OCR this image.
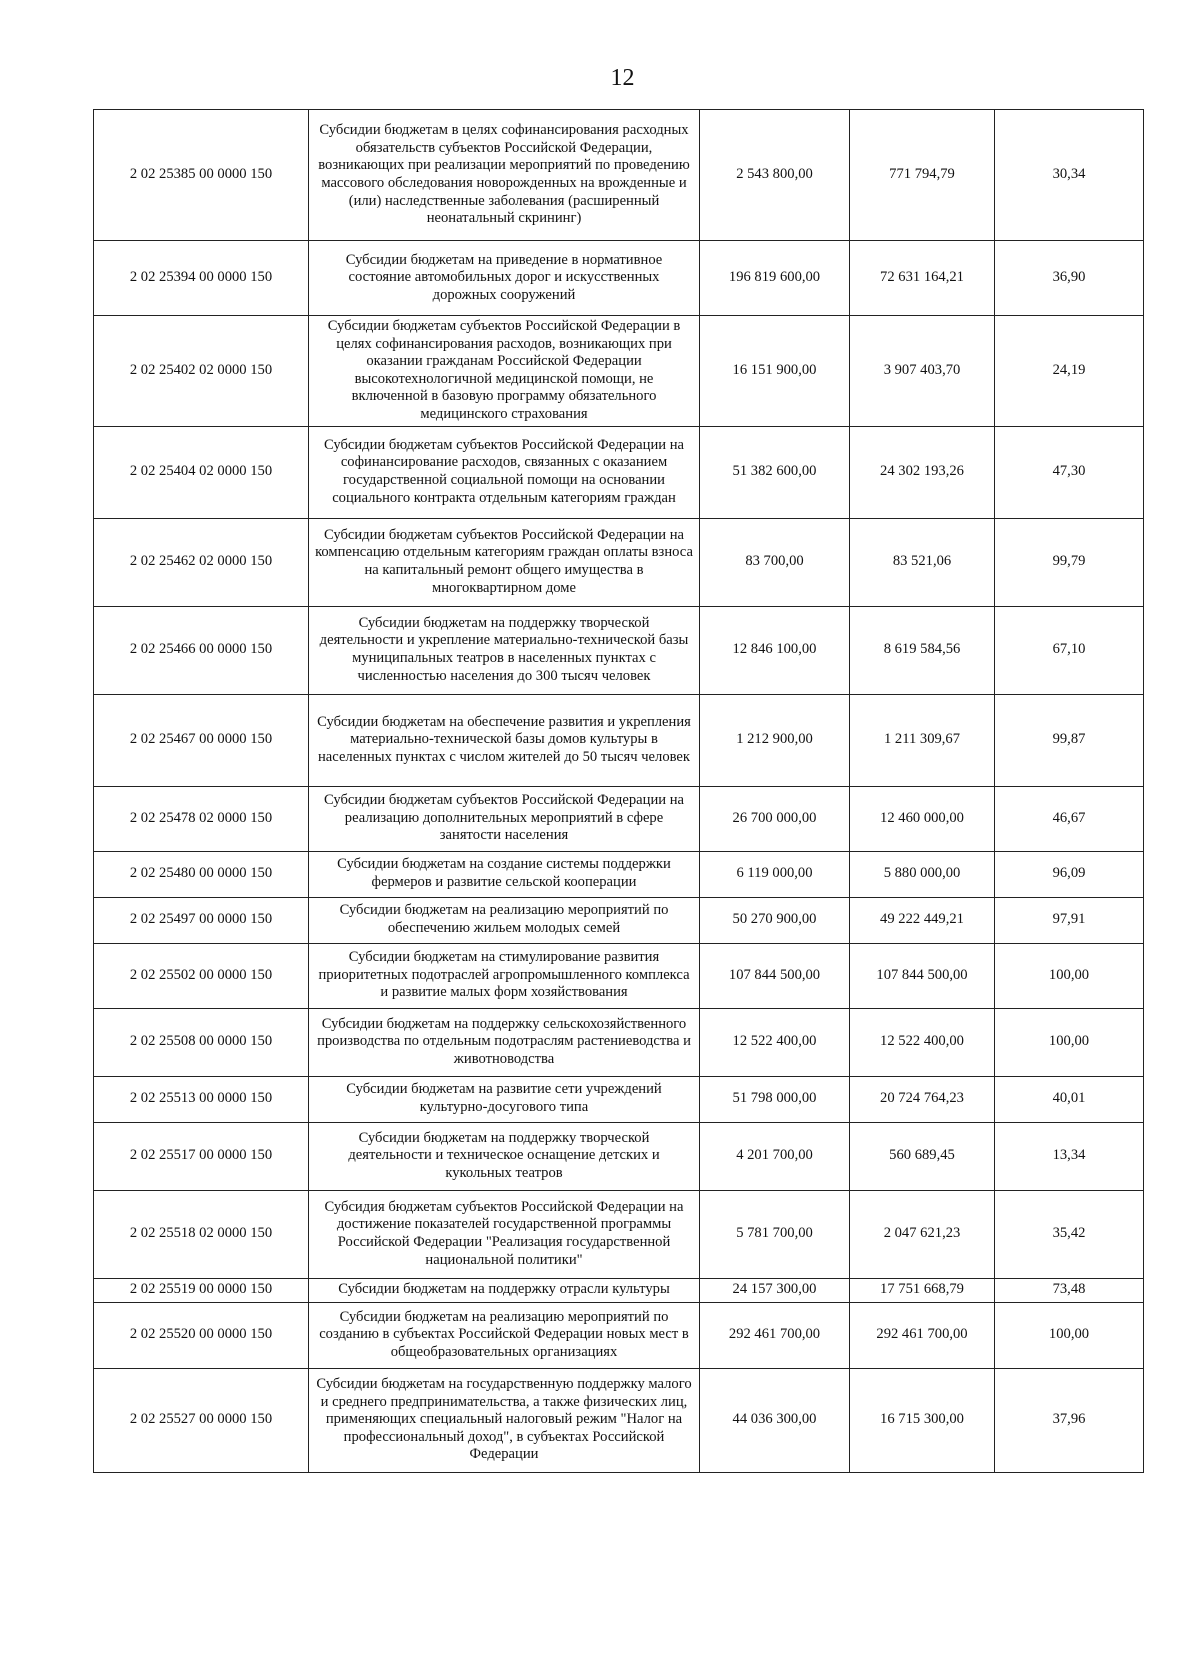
12
2 02 25385 00 0000 150	Субсидии бюджетам в целях софинансирования расходных обязательств субъектов Российской Федерации, возникающих при реализации мероприятий по проведению массового обследования новорожденных на врожденные и (или) наследственные заболевания (расширенный неонатальный скрининг)	2 543 800,00	771 794,79	30,34
2 02 25394 00 0000 150	Субсидии бюджетам на приведение в нормативное состояние автомобильных дорог и искусственных дорожных сооружений	196 819 600,00	72 631 164,21	36,90
2 02 25402 02 0000 150	Субсидии бюджетам субъектов Российской Федерации в целях софинансирования расходов, возникающих при оказании гражданам Российской Федерации высокотехнологичной медицинской помощи, не включенной в базовую программу обязательного медицинского страхования	16 151 900,00	3 907 403,70	24,19
2 02 25404 02 0000 150	Субсидии бюджетам субъектов Российской Федерации на софинансирование расходов, связанных с оказанием государственной социальной помощи на основании социального контракта отдельным категориям граждан	51 382 600,00	24 302 193,26	47,30
2 02 25462 02 0000 150	Субсидии бюджетам субъектов Российской Федерации на компенсацию отдельным категориям граждан оплаты взноса на капитальный ремонт общего имущества в многоквартирном доме	83 700,00	83 521,06	99,79
2 02 25466 00 0000 150	Субсидии бюджетам на поддержку творческой деятельности и укрепление материально-технической базы муниципальных театров в населенных пунктах с численностью населения до 300 тысяч человек	12 846 100,00	8 619 584,56	67,10
2 02 25467 00 0000 150	Субсидии бюджетам на обеспечение развития и укрепления материально-технической базы домов культуры в населенных пунктах с числом жителей до 50 тысяч человек	1 212 900,00	1 211 309,67	99,87
2 02 25478 02 0000 150	Субсидии бюджетам субъектов Российской Федерации на реализацию дополнительных мероприятий в сфере занятости населения	26 700 000,00	12 460 000,00	46,67
2 02 25480 00 0000 150	Субсидии бюджетам на создание системы поддержки фермеров и развитие сельской кооперации	6 119 000,00	5 880 000,00	96,09
2 02 25497 00 0000 150	Субсидии бюджетам на реализацию мероприятий по обеспечению жильем молодых семей	50 270 900,00	49 222 449,21	97,91
2 02 25502 00 0000 150	Субсидии бюджетам на стимулирование развития приоритетных подотраслей агропромышленного комплекса и развитие малых форм хозяйствования	107 844 500,00	107 844 500,00	100,00
2 02 25508 00 0000 150	Субсидии бюджетам на поддержку сельскохозяйственного производства по отдельным подотраслям растениеводства и животноводства	12 522 400,00	12 522 400,00	100,00
2 02 25513 00 0000 150	Субсидии бюджетам на развитие сети учреждений культурно-досугового типа	51 798 000,00	20 724 764,23	40,01
2 02 25517 00 0000 150	Субсидии бюджетам на поддержку творческой деятельности и техническое оснащение детских и кукольных театров	4 201 700,00	560 689,45	13,34
2 02 25518 02 0000 150	Субсидия бюджетам субъектов Российской Федерации на достижение показателей государственной программы Российской Федерации "Реализация государственной национальной политики"	5 781 700,00	2 047 621,23	35,42
2 02 25519 00 0000 150	Субсидии бюджетам на поддержку отрасли культуры	24 157 300,00	17 751 668,79	73,48
2 02 25520 00 0000 150	Субсидии бюджетам на реализацию мероприятий по созданию в субъектах Российской Федерации новых мест в общеобразовательных организациях	292 461 700,00	292 461 700,00	100,00
2 02 25527 00 0000 150	Субсидии бюджетам на государственную поддержку малого и среднего предпринимательства, а также физических лиц, применяющих специальный налоговый режим "Налог на профессиональный доход", в субъектах Российской Федерации	44 036 300,00	16 715 300,00	37,96
